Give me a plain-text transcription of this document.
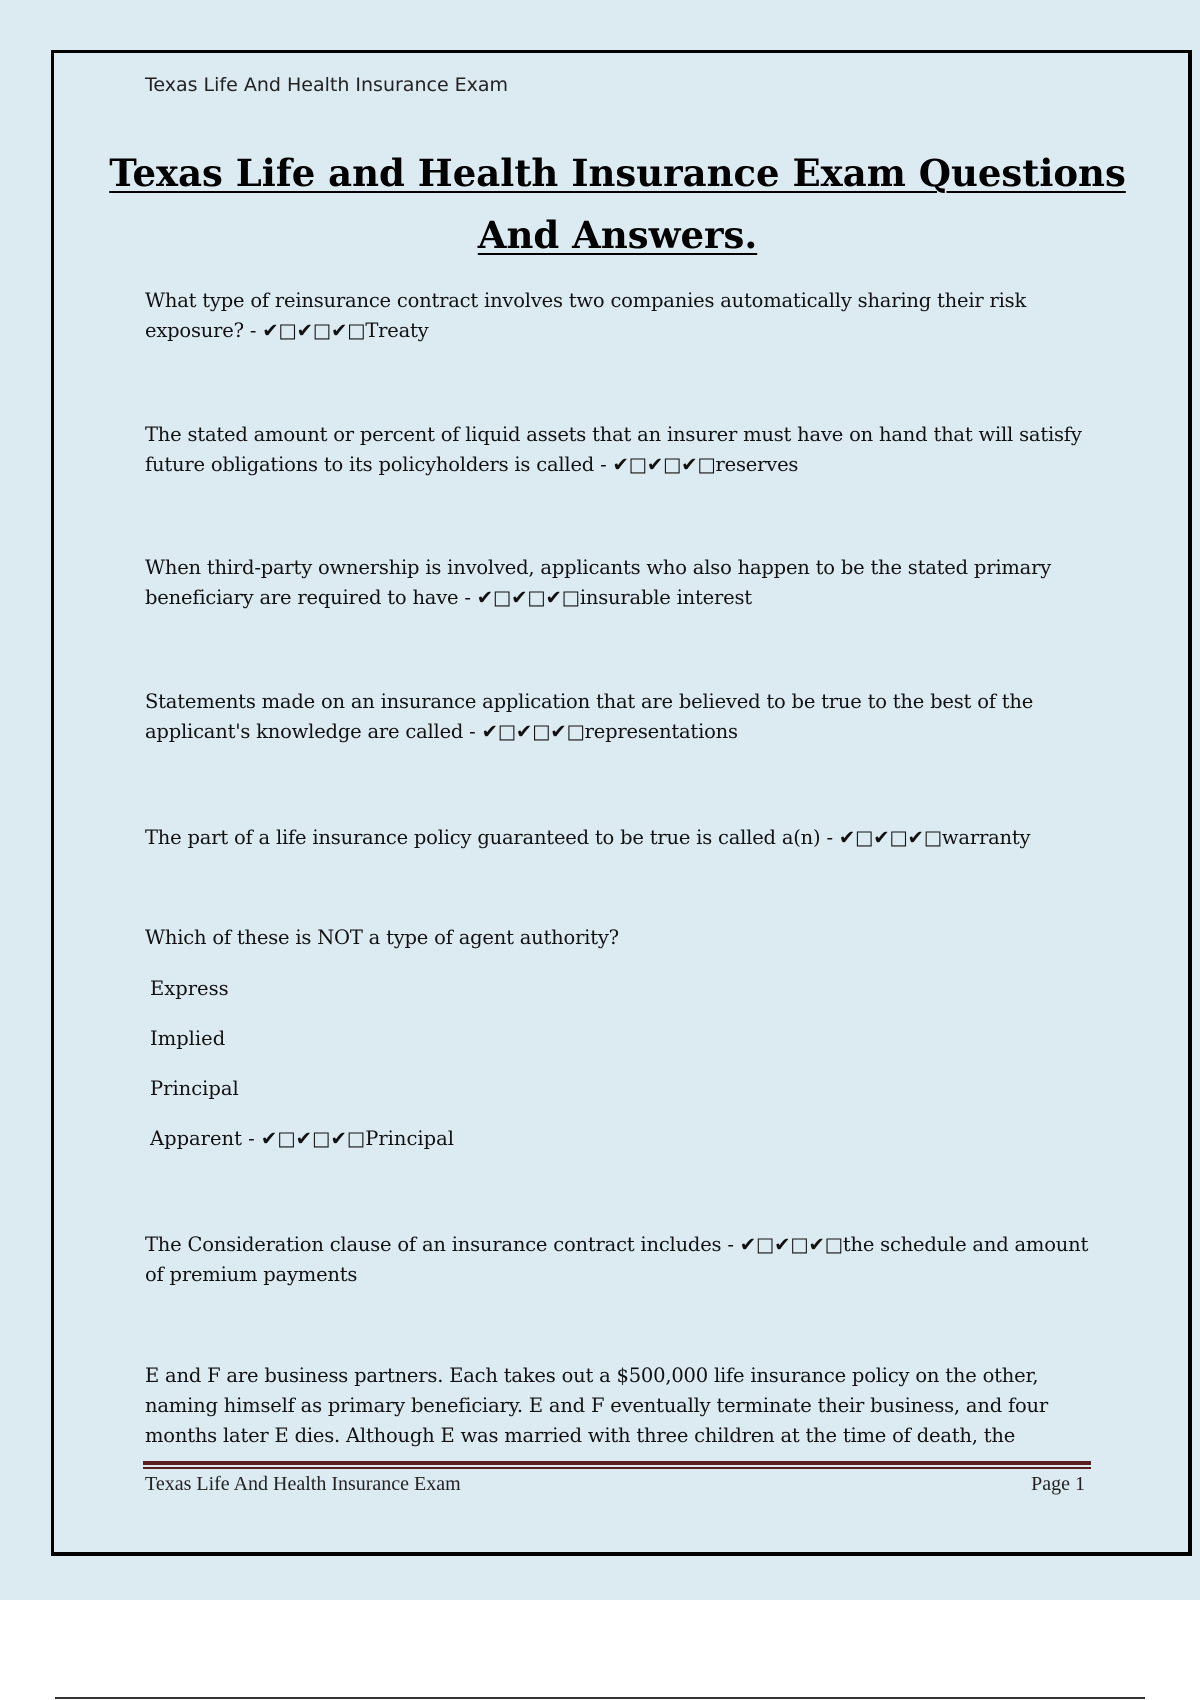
Texas Life And Health Insurance Exam
Texas Life and Health Insurance Exam Questions
And Answers.
What type of reinsurance contract involves two companies automatically sharing their risk exposure? - ✔□✔□✔□Treaty
The stated amount or percent of liquid assets that an insurer must have on hand that will satisfy future obligations to its policyholders is called - ✔□✔□✔□reserves
When third-party ownership is involved, applicants who also happen to be the stated primary beneficiary are required to have - ✔□✔□✔□insurable interest
Statements made on an insurance application that are believed to be true to the best of the applicant's knowledge are called - ✔□✔□✔□representations
The part of a life insurance policy guaranteed to be true is called a(n) - ✔□✔□✔□warranty
Which of these is NOT a type of agent authority?
Express
Implied
Principal
Apparent - ✔□✔□✔□Principal
The Consideration clause of an insurance contract includes - ✔□✔□✔□the schedule and amount of premium payments
E and F are business partners. Each takes out a $500,000 life insurance policy on the other, naming himself as primary beneficiary. E and F eventually terminate their business, and four months later E dies. Although E was married with three children at the time of death, the
Texas Life And Health Insurance Exam	Page 1
